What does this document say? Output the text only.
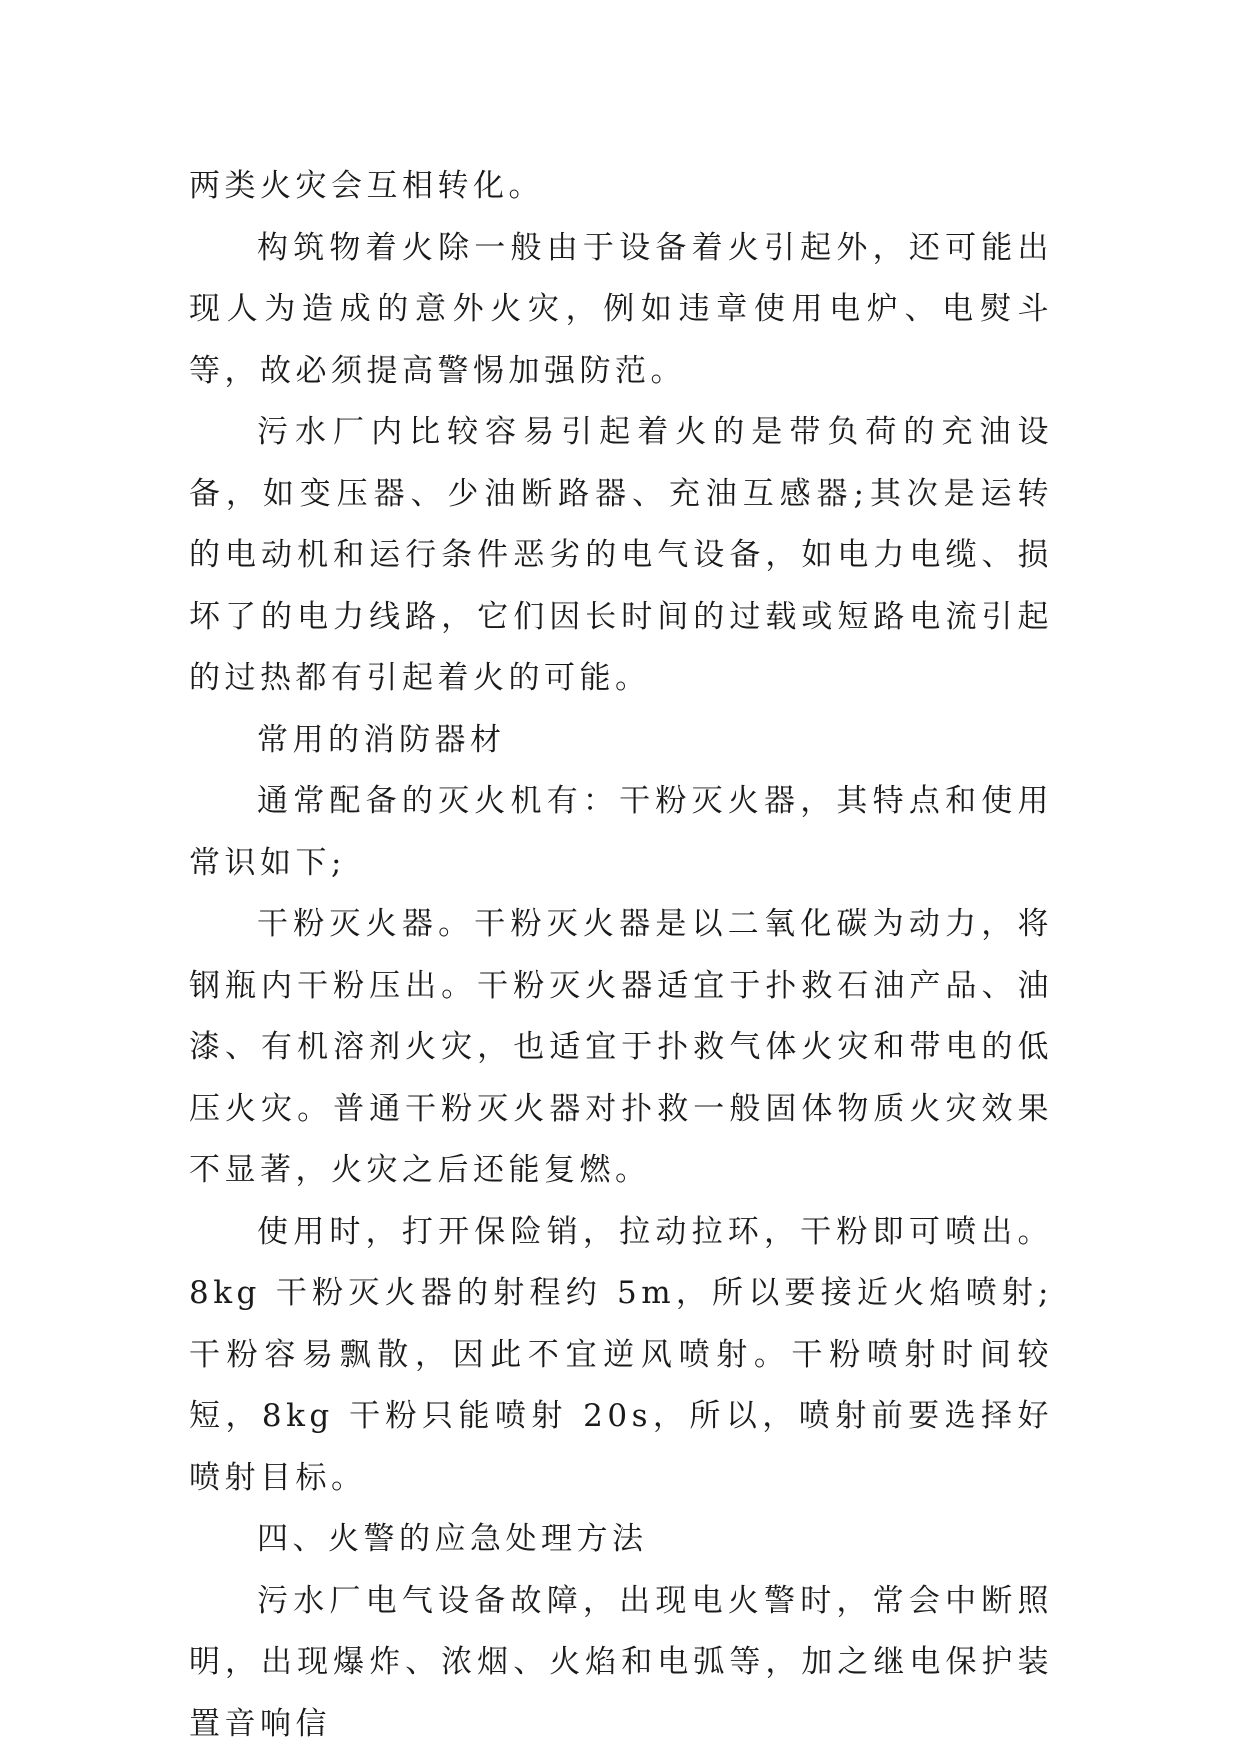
两类火灾会互相转化。

构筑物着火除一般由于设备着火引起外，还可能出现人为造成的意外火灾，例如违章使用电炉、电熨斗等，故必须提高警惕加强防范。

污水厂内比较容易引起着火的是带负荷的充油设备，如变压器、少油断路器、充油互感器;其次是运转的电动机和运行条件恶劣的电气设备，如电力电缆、损坏了的电力线路，它们因长时间的过载或短路电流引起的过热都有引起着火的可能。

常用的消防器材

通常配备的灭火机有：干粉灭火器，其特点和使用常识如下;

干粉灭火器。干粉灭火器是以二氧化碳为动力，将钢瓶内干粉压出。干粉灭火器适宜于扑救石油产品、油漆、有机溶剂火灾，也适宜于扑救气体火灾和带电的低压火灾。普通干粉灭火器对扑救一般固体物质火灾效果不显著，火灾之后还能复燃。

使用时，打开保险销，拉动拉环，干粉即可喷出。8kg 干粉灭火器的射程约 5m，所以要接近火焰喷射;干粉容易飘散，因此不宜逆风喷射。干粉喷射时间较短，8kg 干粉只能喷射 20s，所以，喷射前要选择好喷射目标。

四、火警的应急处理方法

污水厂电气设备故障，出现电火警时，常会中断照明，出现爆炸、浓烟、火焰和电弧等，加之继电保护装置音响信
